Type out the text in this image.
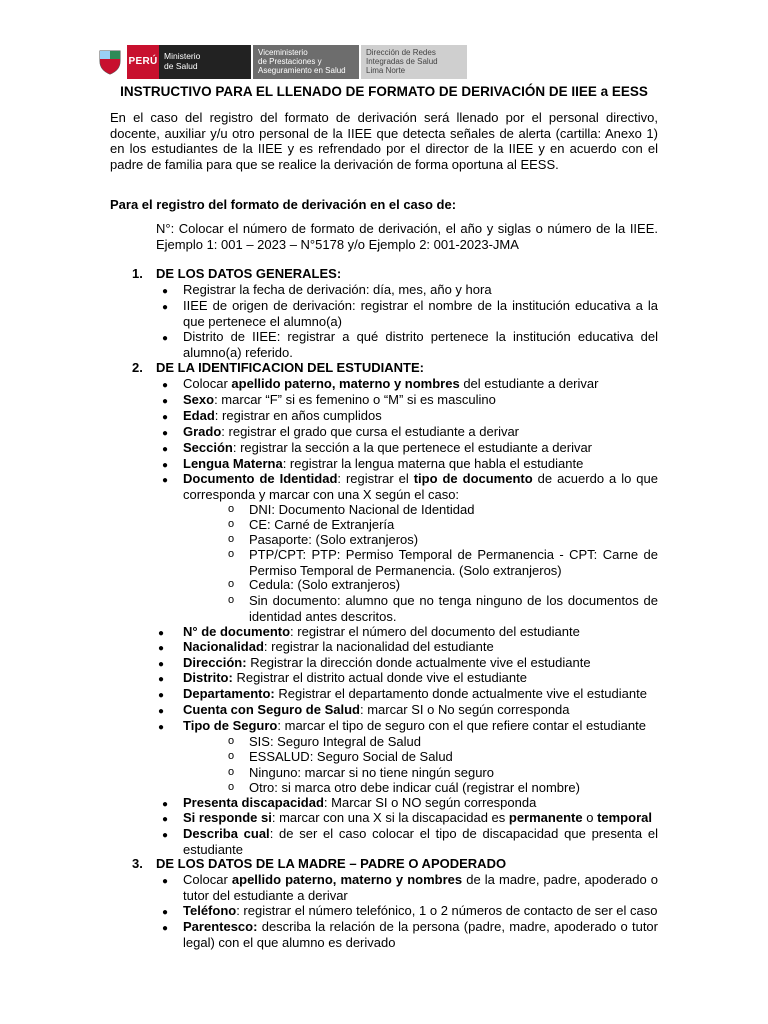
PERÚ
Ministerio
de Salud
Viceministerio
de Prestaciones y
Aseguramiento en Salud
Dirección de Redes
Integradas de Salud
Lima Norte
INSTRUCTIVO PARA EL LLENADO DE FORMATO DE DERIVACIÓN DE IIEE a EESS
En el caso del registro del formato de derivación será llenado por el personal directivo, docente, auxiliar y/u otro personal de la IIEE que detecta señales de alerta (cartilla: Anexo 1) en los estudiantes de la IIEE y es refrendado por el director de la IIEE y en acuerdo con el padre de familia para que se realice la derivación de forma oportuna al EESS.
Para el registro del formato de derivación en el caso de:
N°: Colocar el número de formato de derivación, el año y siglas o número de la IIEE. Ejemplo 1: 001 – 2023 – N°5178 y/o Ejemplo 2: 001-2023-JMA
1. DE LOS DATOS GENERALES:
● Registrar la fecha de derivación: día, mes, año y hora
● IIEE de origen de derivación: registrar el nombre de la institución educativa a la que pertenece el alumno(a)
● Distrito de IIEE: registrar a qué distrito pertenece la institución educativa del alumno(a) referido.
2. DE LA IDENTIFICACION DEL ESTUDIANTE:
● Colocar apellido paterno, materno y nombres del estudiante a derivar
● Sexo: marcar “F” si es femenino o “M” si es masculino
● Edad: registrar en años cumplidos
● Grado: registrar el grado que cursa el estudiante a derivar
● Sección: registrar la sección a la que pertenece el estudiante a derivar
● Lengua Materna: registrar la lengua materna que habla el estudiante
● Documento de Identidad: registrar el tipo de documento de acuerdo a lo que corresponda y marcar con una X según el caso:
o DNI: Documento Nacional de Identidad
o CE: Carné de Extranjería
o Pasaporte: (Solo extranjeros)
o PTP/CPT: PTP: Permiso Temporal de Permanencia - CPT: Carne de Permiso Temporal de Permanencia. (Solo extranjeros)
o Cedula: (Solo extranjeros)
o Sin documento: alumno que no tenga ninguno de los documentos de identidad antes descritos.
● N° de documento: registrar el número del documento del estudiante
● Nacionalidad: registrar la nacionalidad del estudiante
● Dirección: Registrar la dirección donde actualmente vive el estudiante
● Distrito: Registrar el distrito actual donde vive el estudiante
● Departamento: Registrar el departamento donde actualmente vive el estudiante
● Cuenta con Seguro de Salud: marcar SI o No según corresponda
● Tipo de Seguro: marcar el tipo de seguro con el que refiere contar el estudiante
o SIS: Seguro Integral de Salud
o ESSALUD: Seguro Social de Salud
o Ninguno: marcar si no tiene ningún seguro
o Otro: si marca otro debe indicar cuál (registrar el nombre)
● Presenta discapacidad: Marcar SI o NO según corresponda
● Si responde si: marcar con una X si la discapacidad es permanente o temporal
● Describa cual: de ser el caso colocar el tipo de discapacidad que presenta el estudiante
3. DE LOS DATOS DE LA MADRE – PADRE O APODERADO
● Colocar apellido paterno, materno y nombres de la madre, padre, apoderado o tutor del estudiante a derivar
● Teléfono: registrar el número telefónico, 1 o 2 números de contacto de ser el caso
● Parentesco: describa la relación de la persona (padre, madre, apoderado o tutor legal) con el que alumno es derivado
